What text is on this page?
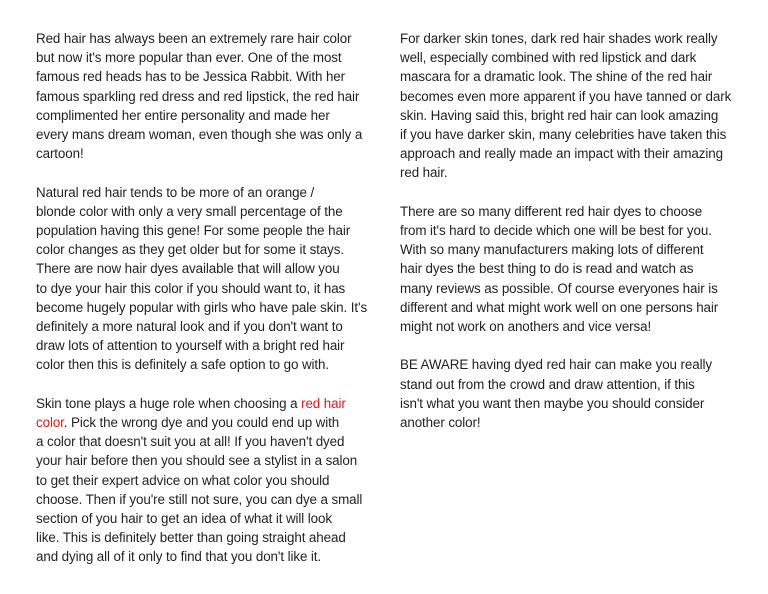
Red hair has always been an extremely rare hair color
but now it's more popular than ever. One of the most
famous red heads has to be Jessica Rabbit. With her
famous sparkling red dress and red lipstick, the red hair
complimented her entire personality and made her
every mans dream woman, even though she was only a
cartoon!

Natural red hair tends to be more of an orange /
blonde color with only a very small percentage of the
population having this gene! For some people the hair
color changes as they get older but for some it stays.
There are now hair dyes available that will allow you
to dye your hair this color if you should want to, it has
become hugely popular with girls who have pale skin. It's
definitely a more natural look and if you don't want to
draw lots of attention to yourself with a bright red hair
color then this is definitely a safe option to go with.

Skin tone plays a huge role when choosing a red hair
color. Pick the wrong dye and you could end up with
a color that doesn't suit you at all! If you haven't dyed
your hair before then you should see a stylist in a salon
to get their expert advice on what color you should
choose. Then if you're still not sure, you can dye a small
section of you hair to get an idea of what it will look
like. This is definitely better than going straight ahead
and dying all of it only to find that you don't like it.

For darker skin tones, dark red hair shades work really
well, especially combined with red lipstick and dark
mascara for a dramatic look. The shine of the red hair
becomes even more apparent if you have tanned or dark
skin. Having said this, bright red hair can look amazing
if you have darker skin, many celebrities have taken this
approach and really made an impact with their amazing
red hair.

There are so many different red hair dyes to choose
from it's hard to decide which one will be best for you.
With so many manufacturers making lots of different
hair dyes the best thing to do is read and watch as
many reviews as possible. Of course everyones hair is
different and what might work well on one persons hair
might not work on anothers and vice versa!

BE AWARE having dyed red hair can make you really
stand out from the crowd and draw attention, if this
isn't what you want then maybe you should consider
another color!
